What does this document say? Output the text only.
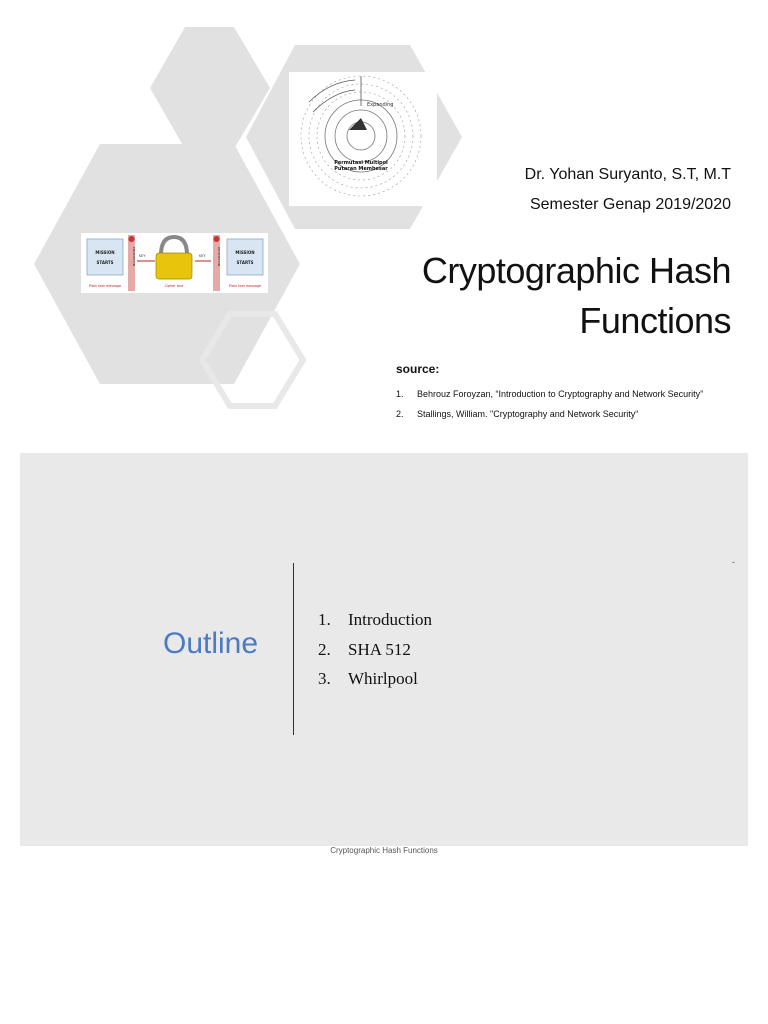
Expanding
Permutasi Multipol
Putaran Membesar
MISSION
STARTS
Plain text message
ENCRYPTION KEY
Cipher text
KEY	DECRYPTION	MISSION
STARTS
Plain text message
Dr. Yohan Suryanto, S.T, M.T
Semester Genap 2019/2020
Cryptographic Hash
Functions
source:
1. Behrouz Foroyzan, “Introduction to Cryptography and Network Security”
2. Stallings, William. "Cryptography and Network Security“
-
Outline
1. Introduction
2. SHA 512
3. Whirlpool
Cryptographic Hash Functions
